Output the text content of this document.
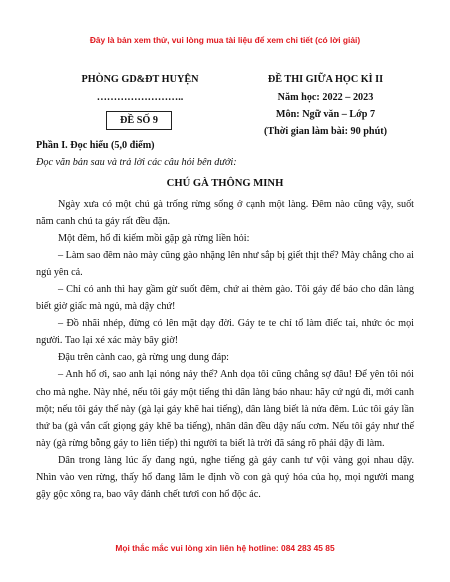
Đây là bản xem thử, vui lòng mua tài liệu để xem chi tiết (có lời giải)
PHÒNG GD&ĐT HUYỆN
……………………..
ĐỀ SỐ 9
ĐỀ THI GIỮA HỌC KÌ II
Năm học: 2022 – 2023
Môn: Ngữ văn – Lớp 7
(Thời gian làm bài: 90 phút)
Phần I. Đọc hiểu (5,0 điểm)
Đọc văn bản sau và trả lời các câu hỏi bên dưới:
CHÚ GÀ THÔNG MINH

Ngày xưa có một chú gà trống rừng sống ở cạnh một làng. Đêm nào cũng vậy, suốt năm canh chú ta gáy rất đều đặn.

Một đêm, hổ đi kiếm mồi gặp gà rừng liền hỏi:

– Làm sao đêm nào mày cũng gào nhặng lên như sắp bị giết thịt thế? Mày chẳng cho ai ngủ yên cả.

– Chỉ có anh thì hay gầm gừ suốt đêm, chứ ai thèm gào. Tôi gáy để báo cho dân làng biết giờ giấc mà ngủ, mà dậy chứ!

– Đồ nhãi nhép, đừng có lên mặt dạy đời. Gáy te te chỉ tổ làm điếc tai, nhức óc mọi người. Tao lại xé xác mày bây giờ!

Đậu trên cành cao, gà rừng ung dung đáp:

– Anh hổ ơi, sao anh lại nóng nảy thế? Anh dọa tôi cũng chẳng sợ đâu! Để yên tôi nói cho mà nghe. Này nhé, nếu tôi gáy một tiếng thì dân làng báo nhau: hãy cứ ngủ đi, mới canh một; nếu tôi gáy thế này (gà lại gáy khẽ hai tiếng), dân làng biết là nửa đêm. Lúc tôi gáy lần thứ ba (gà vắn cất giọng gáy khẽ ba tiếng), nhân dân đều dậy nấu cơm. Nếu tôi gáy như thế này (gà rừng bỗng gáy to liên tiếp) thì người ta biết là trời đã sáng rõ phải dậy đi làm.

Dân trong làng lúc ấy đang ngủ, nghe tiếng gà gáy canh tư vội vàng gọi nhau dậy. Nhìn vào ven rừng, thấy hổ đang lăm le định vồ con gà quý hóa của họ, mọi người mang gậy gộc xông ra, bao vây đánh chết tươi con hổ độc ác.

Mọi thắc mắc vui lòng xin liên hệ hotline: 084 283 45 85
